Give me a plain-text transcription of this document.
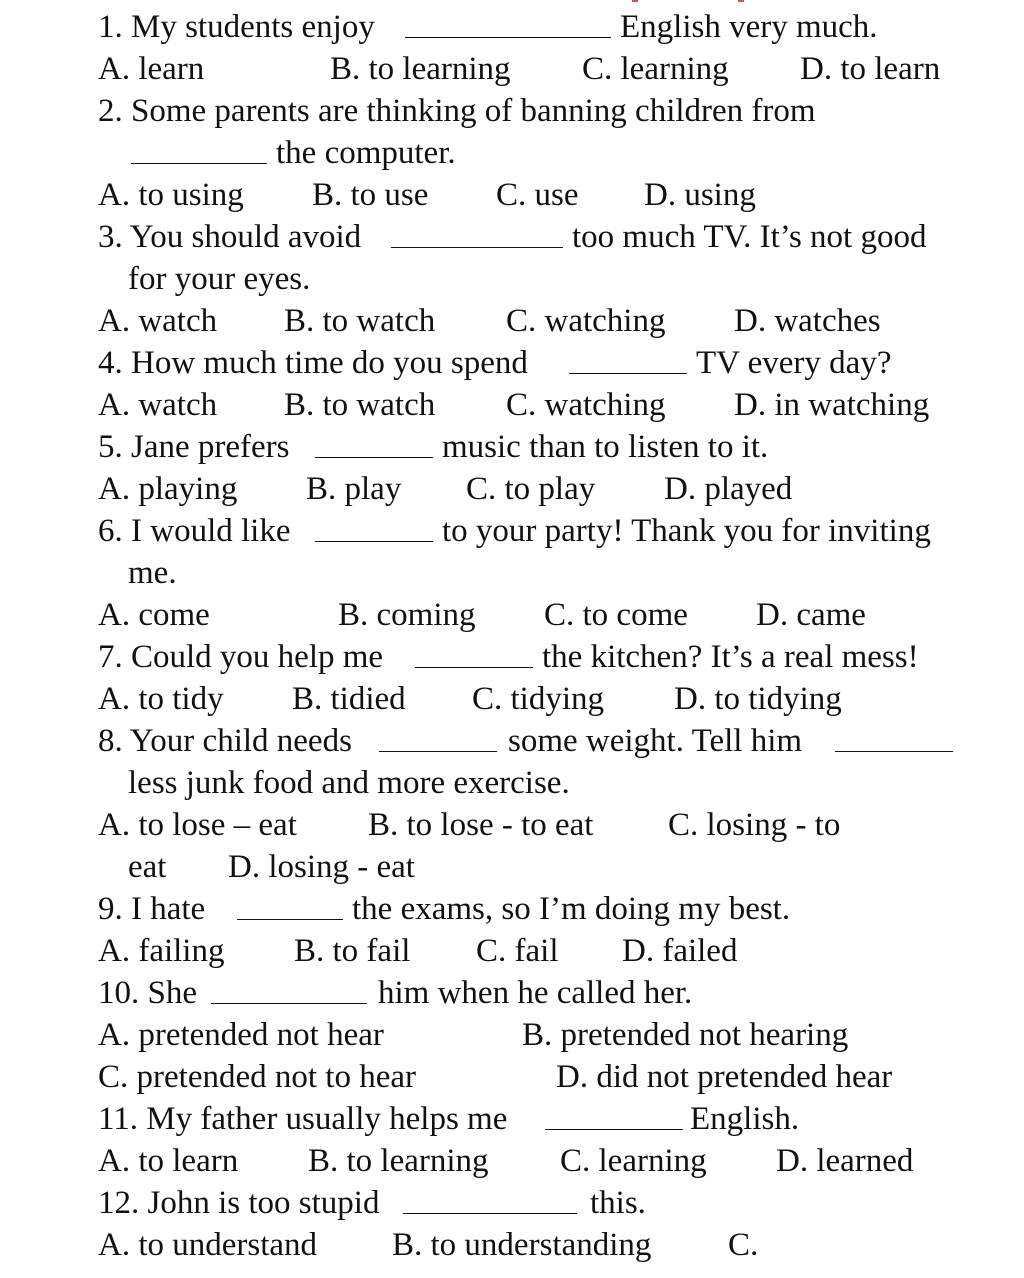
1. My students enjoy	English very much.

A. learn	B. to learning C. learning D. to learn

2. Some parents are thinking of banning children from

the computer.

A. to using B. to use C. use D. using

3. You should avoid	too much TV. It’s not good

for your eyes.

A. watch B. to watch C. watching D. watches

4. How much time do you spend	TV every day?

A. watch B. to watch C. watching D. in watching

5. Jane prefers	music than to listen to it.

A. playing B. play C. to play D. played

6. I would like	to your party! Thank you for inviting

me.

A. come	B. coming C. to come D. came

7. Could you help me	the kitchen? It’s a real mess!

A. to tidy B. tidied C. tidying D. to tidying

8. Your child needs	some weight. Tell him

less junk food and more exercise.

A. to lose – eat B. to lose - to eat C. losing - to

eat D. losing - eat

9. I hate	the exams, so I’m doing my best.

A. failing B. to fail C. fail D. failed

10. She	him when he called her.

A. pretended not hear	B. pretended not hearing

C. pretended not to hear	D. did not pretended hear

11. My father usually helps me	English.

A. to learn B. to learning C. learning D. learned

12. John is too stupid	this.

A. to understand B. to understanding C.
